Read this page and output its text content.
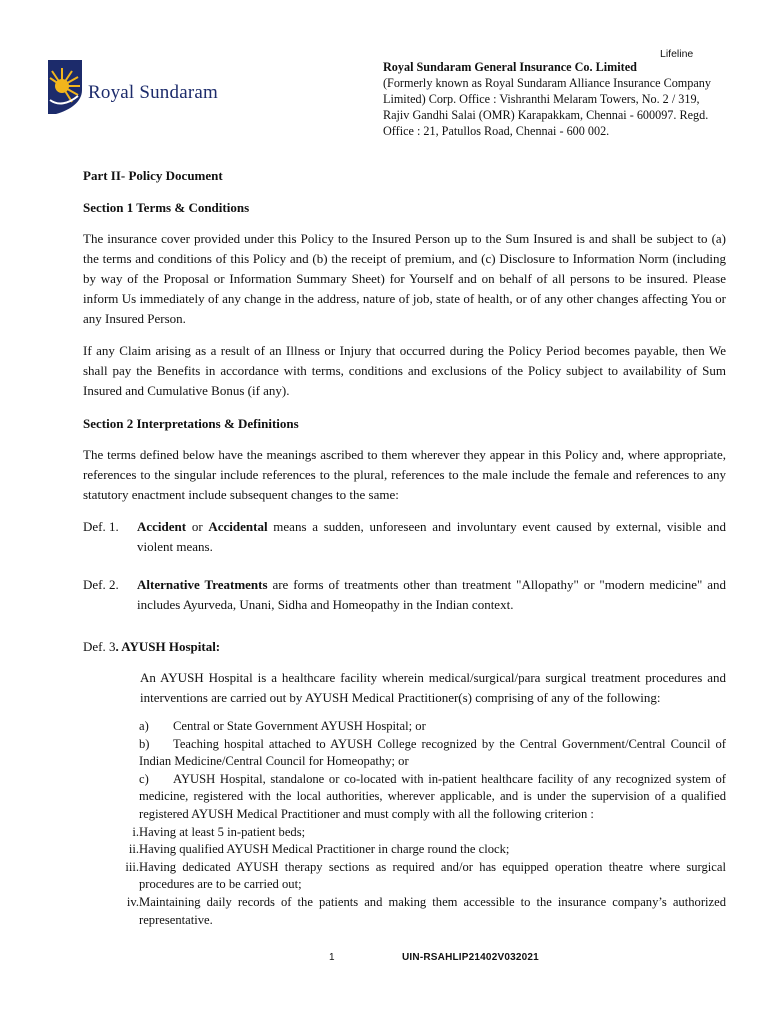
Lifeline
Royal Sundaram
Royal Sundaram General Insurance Co. Limited
(Formerly known as Royal Sundaram Alliance Insurance Company Limited) Corp. Office : Vishranthi Melaram Towers, No. 2 / 319, Rajiv Gandhi Salai (OMR) Karapakkam, Chennai - 600097. Regd. Office : 21, Patullos Road, Chennai - 600 002.
Part II- Policy Document
Section 1 Terms & Conditions

The insurance cover provided under this Policy to the Insured Person up to the Sum Insured is and shall be subject to (a) the terms and conditions of this Policy and (b) the receipt of premium, and (c) Disclosure to Information Norm (including by way of the Proposal or Information Summary Sheet) for Yourself and on behalf of all persons to be insured. Please inform Us immediately of any change in the address, nature of job, state of health, or of any other changes affecting You or any Insured Person.

If any Claim arising as a result of an Illness or Injury that occurred during the Policy Period becomes payable, then We shall pay the Benefits in accordance with terms, conditions and exclusions of the Policy subject to availability of Sum Insured and Cumulative Bonus (if any).

Section 2 Interpretations & Definitions

The terms defined below have the meanings ascribed to them wherever they appear in this Policy and, where appropriate, references to the singular include references to the plural, references to the male include the female and references to any statutory enactment include subsequent changes to the same:

Def. 1.	Accident or Accidental means a sudden, unforeseen and involuntary event caused by external, visible and violent means.
Def. 2.	Alternative Treatments are forms of treatments other than treatment "Allopathy" or "modern medicine" and includes Ayurveda, Unani, Sidha and Homeopathy in the Indian context.
Def. 3 . AYUSH Hospital:
An AYUSH Hospital is a healthcare facility wherein medical/surgical/para surgical treatment procedures and interventions are carried out by AYUSH Medical Practitioner(s) comprising of any of the following:
a) Central or State Government AYUSH Hospital; or
b) Teaching hospital attached to AYUSH College recognized by the Central Government/Central Council of Indian Medicine/Central Council for Homeopathy; or
c) AYUSH Hospital, standalone or co-located with in-patient healthcare facility of any recognized system of medicine, registered with the local authorities, wherever applicable, and is under the supervision of a qualified registered AYUSH Medical Practitioner and must comply with all the following criterion :
i. Having at least 5 in-patient beds;
ii. Having qualified AYUSH Medical Practitioner in charge round the clock;
iii. Having dedicated AYUSH therapy sections as required and/or has equipped operation theatre where surgical procedures are to be carried out;
iv. Maintaining daily records of the patients and making them accessible to the insurance company’s authorized representative.
1	UIN-RSAHLIP21402V032021
